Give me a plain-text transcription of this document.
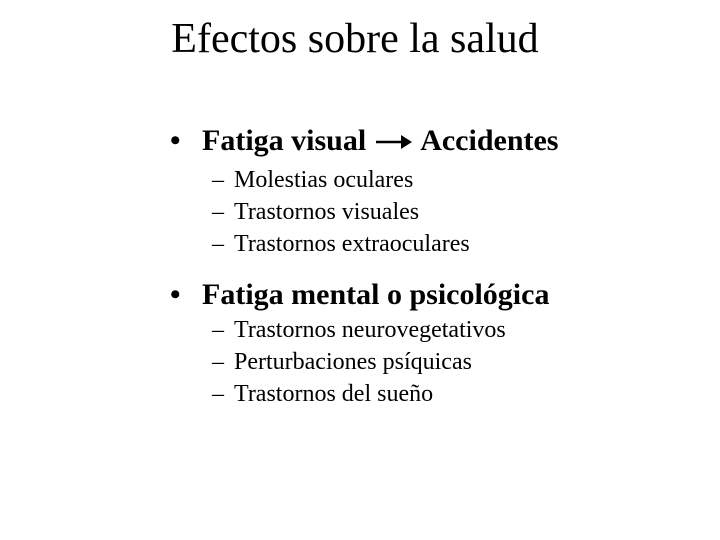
Efectos sobre la salud
• Fatiga visual Accidentes
– Molestias oculares
– Trastornos visuales
– Trastornos extraoculares
• Fatiga mental o psicológica
– Trastornos neurovegetativos
– Perturbaciones psíquicas
– Trastornos del sueño
